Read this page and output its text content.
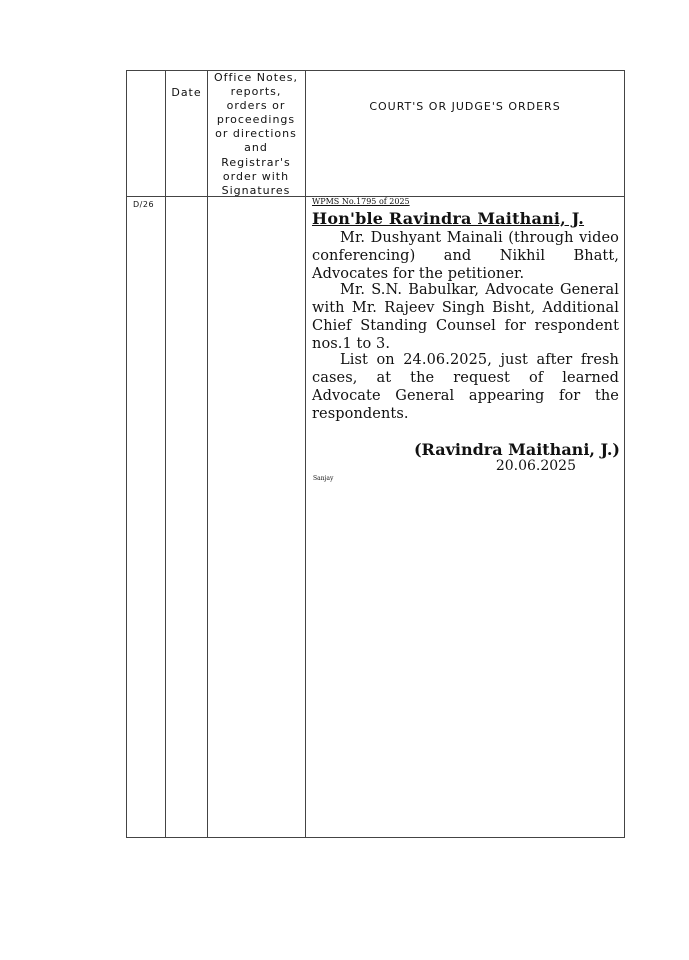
Date
Office Notes, reports, orders or proceedings or directions and Registrar's order with Signatures
COURT'S OR JUDGE'S ORDERS
D/26	WPMS No.1795 of 2025
Hon'ble Ravindra Maithani, J.
Mr. Dushyant Mainali (through video conferencing) and Nikhil Bhatt, Advocates for the petitioner.
Mr. S.N. Babulkar, Advocate General with Mr. Rajeev Singh Bisht, Additional Chief Standing Counsel for respondent nos.1 to 3.
List on 24.06.2025, just after fresh cases, at the request of learned Advocate General appearing for the respondents.
(Ravindra Maithani, J.)
20.06.2025
Sanjay
